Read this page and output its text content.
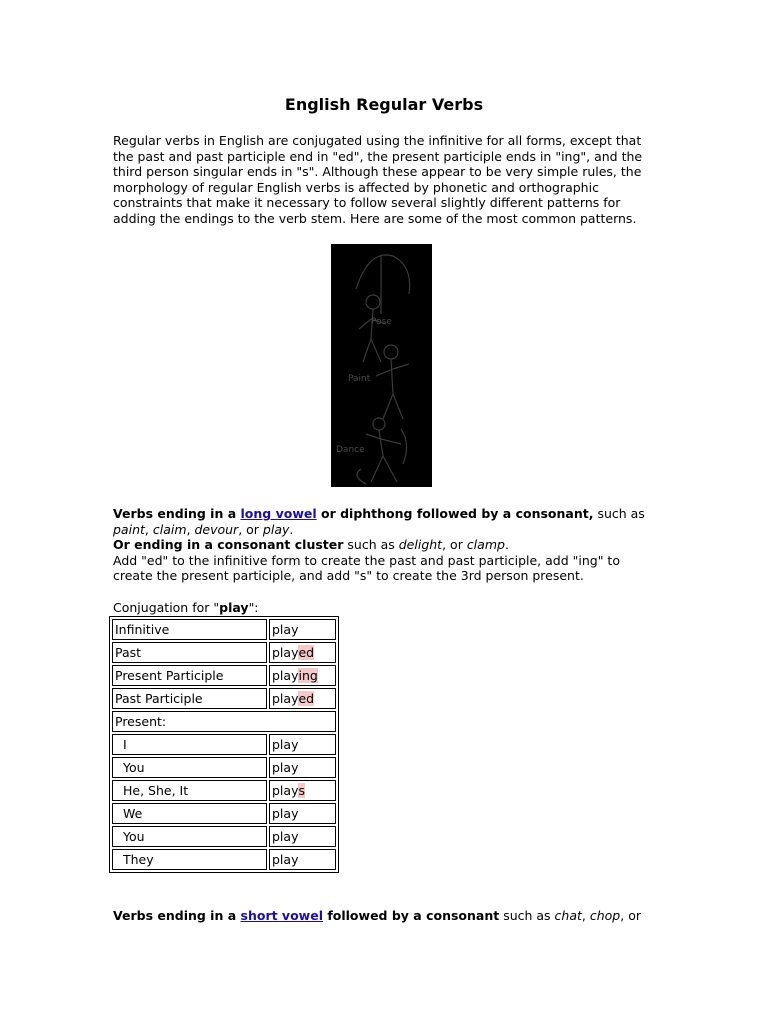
English Regular Verbs

Regular verbs in English are conjugated using the infinitive for all forms, except that the past and past participle end in "ed", the present participle ends in "ing", and the third person singular ends in "s". Although these appear to be very simple rules, the morphology of regular English verbs is affected by phonetic and orthographic constraints that make it necessary to follow several slightly different patterns for adding the endings to the verb stem. Here are some of the most common patterns.

Pose
Paint
Dance

Verbs ending in a long vowel or diphthong followed by a consonant, such as
paint, claim, devour, or play.
Or ending in a consonant cluster such as delight, or clamp.
Add "ed" to the infinitive form to create the past and past participle, add "ing" to create the present participle, and add "s" to create the 3rd person present.

Conjugation for "play":

Infinitive	play
Past	played
Present Participle	playing
Past Participle	played
Present:	
I	play
You	play
He, She, It	plays
We	play
You	play
They	play

Verbs ending in a short vowel followed by a consonant such as chat, chop, or
